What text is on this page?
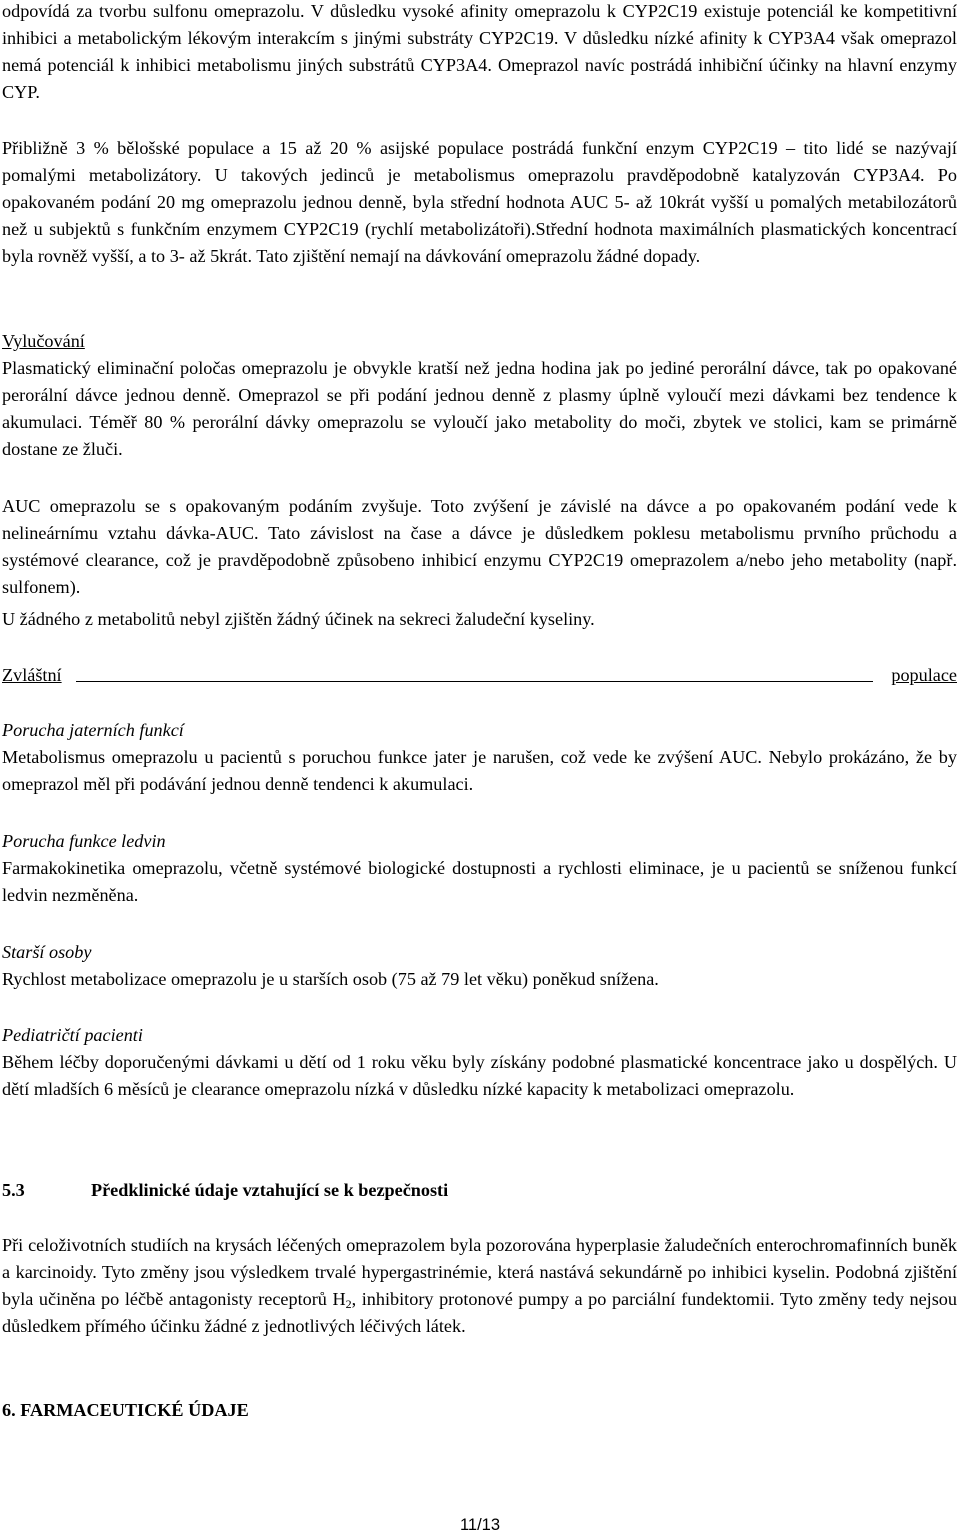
odpovídá za tvorbu sulfonu omeprazolu. V důsledku vysoké afinity omeprazolu k CYP2C19 existuje potenciál ke kompetitivní inhibici a metabolickým lékovým interakcím s jinými substráty CYP2C19. V důsledku nízké afinity k CYP3A4 však omeprazol nemá potenciál k inhibici metabolismu jiných substrátů CYP3A4. Omeprazol navíc postrádá inhibiční účinky na hlavní enzymy CYP.

Přibližně 3 % bělošské populace a 15 až 20 % asijské populace postrádá funkční enzym CYP2C19 – tito lidé se nazývají pomalými metabolizátory. U takových jedinců je metabolismus omeprazolu pravděpodobně katalyzován CYP3A4. Po opakovaném podání 20 mg omeprazolu jednou denně, byla střední hodnota AUC 5- až 10krát vyšší u pomalých metabilozátorů než u subjektů s funkčním enzymem CYP2C19 (rychlí metabolizátoři).Střední hodnota maximálních plasmatických koncentrací byla rovněž vyšší, a to 3- až 5krát. Tato zjištění nemají na dávkování omeprazolu žádné dopady.

Vylučování

Plasmatický eliminační poločas omeprazolu je obvykle kratší než jedna hodina jak po jediné perorální dávce, tak po opakované perorální dávce jednou denně. Omeprazol se při podání jednou denně z plasmy úplně vyloučí mezi dávkami bez tendence k akumulaci. Téměř 80 % perorální dávky omeprazolu se vyloučí jako metabolity do moči, zbytek ve stolici, kam se primárně dostane ze žluči.

AUC omeprazolu se s opakovaným podáním zvyšuje. Toto zvýšení je závislé na dávce a po opakovaném podání vede k nelineárnímu vztahu dávka-AUC. Tato závislost na čase a dávce je důsledkem poklesu metabolismu prvního průchodu a systémové clearance, což je pravděpodobně způsobeno inhibicí enzymu CYP2C19 omeprazolem a/nebo jeho metabolity (např. sulfonem).

U žádného z metabolitů nebyl zjištěn žádný účinek na sekreci žaludeční kyseliny.

Zvláštní	populace

Porucha jaterních funkcí

Metabolismus omeprazolu u pacientů s poruchou funkce jater je narušen, což vede ke zvýšení AUC. Nebylo prokázáno, že by omeprazol měl při podávání jednou denně tendenci k akumulaci.

Porucha funkce ledvin

Farmakokinetika omeprazolu, včetně systémové biologické dostupnosti a rychlosti eliminace, je u pacientů se sníženou funkcí ledvin nezměněna.

Starší osoby

Rychlost metabolizace omeprazolu je u starších osob (75 až 79 let věku) poněkud snížena.

Pediatričtí pacienti

Během léčby doporučenými dávkami u dětí od 1 roku věku byly získány podobné plasmatické koncentrace jako u dospělých. U dětí mladších 6 měsíců je clearance omeprazolu nízká v důsledku nízké kapacity k metabolizaci omeprazolu.

5.3	Předklinické údaje vztahující se k bezpečnosti

Při celoživotních studiích na krysách léčených omeprazolem byla pozorována hyperplasie žaludečních enterochromafinních buněk a karcinoidy. Tyto změny jsou výsledkem trvalé hypergastrinémie, která nastává sekundárně po inhibici kyselin. Podobná zjištění byla učiněna po léčbě antagonisty receptorů $H_2$, inhibitory protonové pumpy a po parciální fundektomii. Tyto změny tedy nejsou důsledkem přímého účinku žádné z jednotlivých léčivých látek.

6. FARMACEUTICKÉ ÚDAJE
11/13
